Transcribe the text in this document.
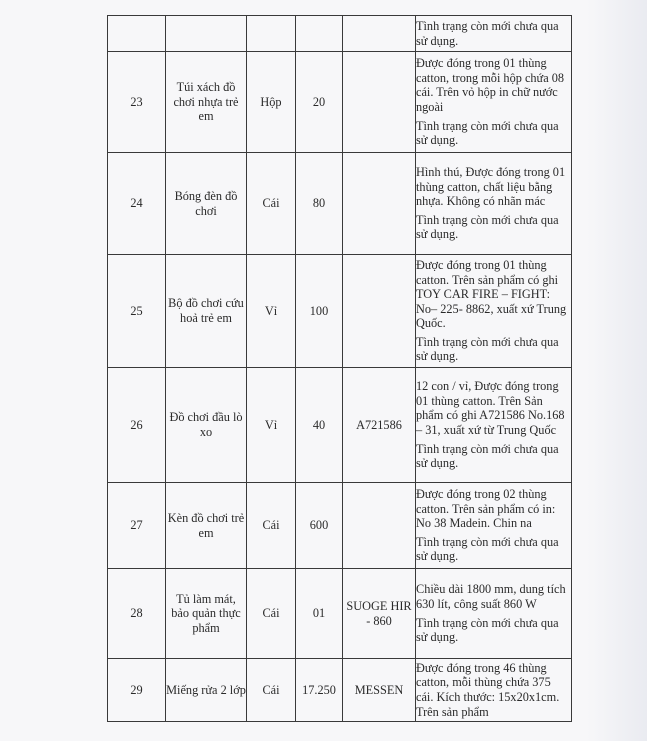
					Tình trạng còn mới chưa qua sử dụng.

23	Túi xách đồ chơi nhựa trẻ em	Hộp	20		Được đóng trong 01 thùng catton, trong mỗi hộp chứa 08 cái. Trên vỏ hộp in chữ nước ngoài

Tình trạng còn mới chưa qua sử dụng.

24	Bóng đèn đồ chơi	Cái	80		Hình thú, Được đóng trong 01 thùng catton, chất liệu bằng nhựa. Không có nhãn mác

Tình trạng còn mới chưa qua sử dụng.

25	Bộ đồ chơi cứu hoả trẻ em	Vỉ	100		Được đóng trong 01 thùng catton. Trên sản phẩm có ghi TOY CAR FIRE – FIGHT: No– 225- 8862, xuất xứ Trung Quốc.

Tình trạng còn mới chưa qua sử dụng.

26	Đồ chơi đầu lò xo	Vỉ	40	A721586	12 con / vỉ, Được đóng trong 01 thùng catton. Trên Sản phẩm có ghi A721586 No.168 – 31, xuất xứ từ Trung Quốc

Tình trạng còn mới chưa qua sử dụng.

27	Kèn đồ chơi trẻ em	Cái	600		Được đóng trong 02 thùng catton. Trên sản phẩm có in: No 38 Madein. Chin na

Tình trạng còn mới chưa qua sử dụng.

28	Tủ làm mát, bảo quản thực phẩm	Cái	01	SUOGE HIR - 860	Chiều dài 1800 mm, dung tích 630 lít, công suất 860 W

Tình trạng còn mới chưa qua sử dụng.

29	Miếng rửa 2 lớp	Cái	17.250	MESSEN	Được đóng trong 46 thùng catton, mỗi thùng chứa 375 cái. Kích thước: 15x20x1cm. Trên sản phẩm
